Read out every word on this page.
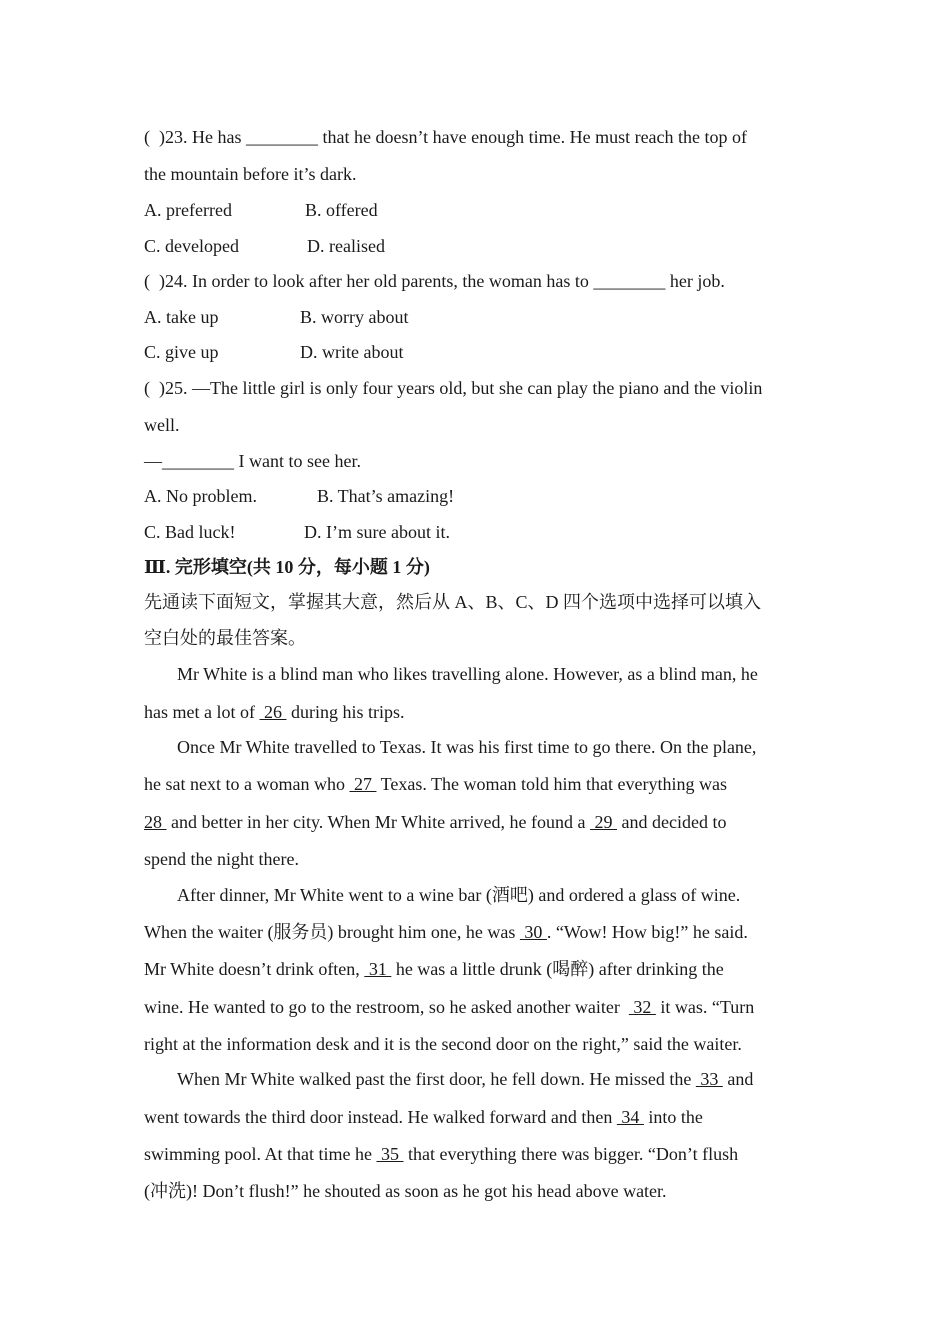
(  )23. He has ________ that he doesn’t have enough time. He must reach the top of
the mountain before it’s dark.
A. preferred	B. offered
C. developed	D. realised
(  )24. In order to look after her old parents, the woman has to ________ her job.
A. take up	B. worry about
C. give up	D. write about
(  )25. —The little girl is only four years old, but she can play the piano and the violin
well.
—________ I want to see her.
A. No problem.	B. That’s amazing!
C. Bad luck!	D. I’m sure about it.
Ⅲ. 完形填空(共 10 分，每小题 1 分)
先通读下面短文，掌握其大意，然后从 A、B、C、D 四个选项中选择可以填入
空白处的最佳答案。
Mr White is a blind man who likes travelling alone. However, as a blind man, he
has met a lot of  26  during his trips.
Once Mr White travelled to Texas. It was his first time to go there. On the plane,
he sat next to a woman who  27  Texas. The woman told him that everything was
28  and better in her city. When Mr White arrived, he found a  29  and decided to
spend the night there.
After dinner, Mr White went to a wine bar (酒吧) and ordered a glass of wine.
When the waiter (服务员) brought him one, he was  30 . “Wow! How big!” he said.
Mr White doesn’t drink often,  31  he was a little drunk (喝醉) after drinking the
wine. He wanted to go to the restroom, so he asked another waiter   32  it was. “Turn
right at the information desk and it is the second door on the right,” said the waiter.
When Mr White walked past the first door, he fell down. He missed the  33  and
went towards the third door instead. He walked forward and then  34  into the
swimming pool. At that time he  35  that everything there was bigger. “Don’t flush
(冲洗)! Don’t flush!” he shouted as soon as he got his head above water.
